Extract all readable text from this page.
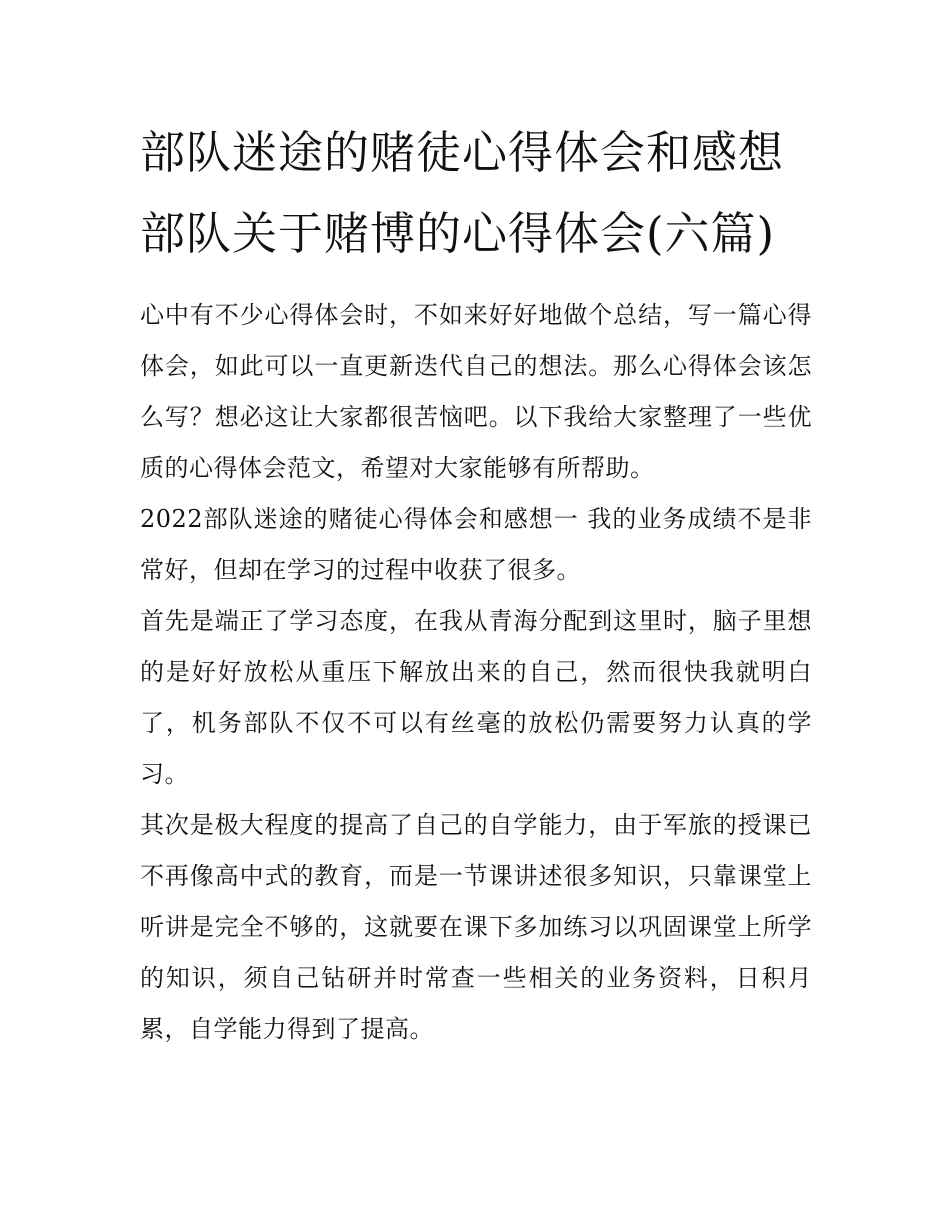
部队迷途的赌徒心得体会和感想 部队关于赌博的心得体会(六篇)

心中有不少心得体会时，不如来好好地做个总结，写一篇心得体会，如此可以一直更新迭代自己的想法。那么心得体会该怎么写？想必这让大家都很苦恼吧。以下我给大家整理了一些优质的心得体会范文，希望对大家能够有所帮助。

2022部队迷途的赌徒心得体会和感想一 我的业务成绩不是非常好，但却在学习的过程中收获了很多。

首先是端正了学习态度，在我从青海分配到这里时，脑子里想的是好好放松从重压下解放出来的自己，然而很快我就明白了，机务部队不仅不可以有丝毫的放松仍需要努力认真的学习。

其次是极大程度的提高了自己的自学能力，由于军旅的授课已不再像高中式的教育，而是一节课讲述很多知识，只靠课堂上听讲是完全不够的，这就要在课下多加练习以巩固课堂上所学的知识，须自己钻研并时常查一些相关的业务资料，日积月累，自学能力得到了提高。
